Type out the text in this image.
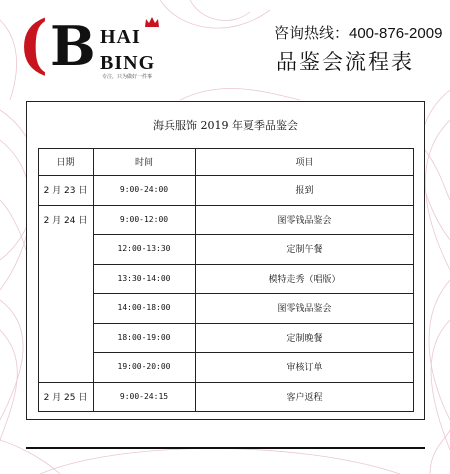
( B HAI
BING
专注，只为做好一件事
咨询热线：400-876-2009
品鉴会流程表
海兵服饰 2019 年夏季品鉴会
日期	时间	项目
2 月 23 日	9:00-24:00	报到
2 月 24 日	9:00-12:00	图零钱品鉴会
12:00-13:30	定制午餐
13:30-14:00	模特走秀（唱版）
14:00-18:00	图零钱品鉴会
18:00-19:00	定制晚餐
19:00-20:00	审核订单
2 月 25 日	9:00-24:15	客户返程
